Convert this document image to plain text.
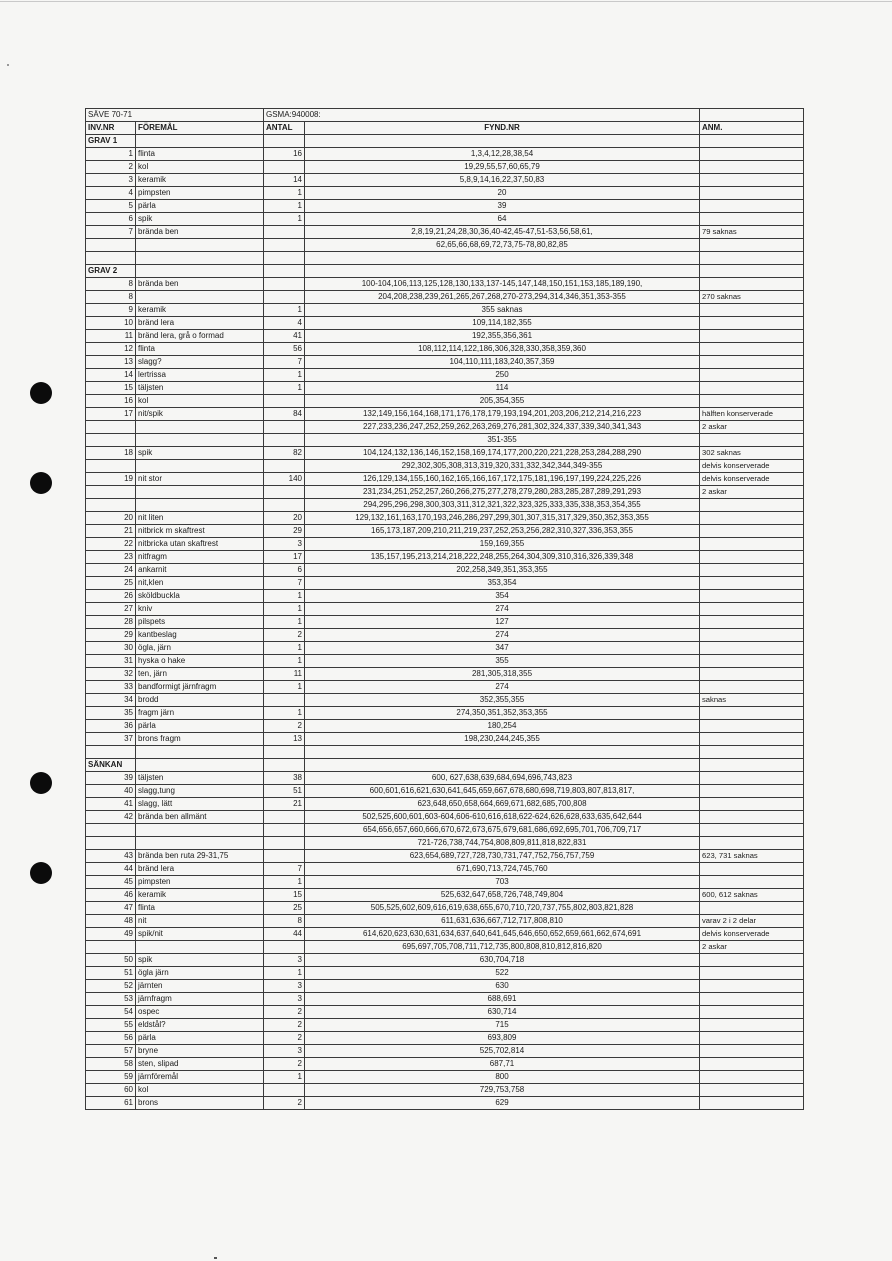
SÄVE 70-71		GSMA:940008:		
INV.NR	FÖREMÅL	ANTAL	FYND.NR	ANM.
GRAV 1				
1	flinta	16	1,3,4,12,28,38,54	
2	kol		19,29,55,57,60,65,79	
3	keramik	14	5,8,9,14,16,22,37,50,83	
4	pimpsten	1	20	
5	pärla	1	39	
6	spik	1	64	
7	brända ben		2,8,19,21,24,28,30,36,40-42,45-47,51-53,56,58,61,	79 saknas
			62,65,66,68,69,72,73,75-78,80,82,85	

GRAV 2				
8	brända ben		100-104,106,113,125,128,130,133,137-145,147,148,150,151,153,185,189,190,	
8			204,208,238,239,261,265,267,268,270-273,294,314,346,351,353-355	270 saknas
9	keramik	1	355 saknas	
10	bränd lera	4	109,114,182,355	
11	bränd lera, grå o formad	41	192,355,356,361	
12	flinta	56	108,112,114,122,186,306,328,330,358,359,360	
13	slagg?	7	104,110,111,183,240,357,359	
14	lertrissa	1	250	
15	täljsten	1	114	
16	kol		205,354,355	
17	nit/spik	84	132,149,156,164,168,171,176,178,179,193,194,201,203,206,212,214,216,223	hälften konserverade
			227,233,236,247,252,259,262,263,269,276,281,302,324,337,339,340,341,343	2 askar
			351-355	
18	spik	82	104,124,132,136,146,152,158,169,174,177,200,220,221,228,253,284,288,290	302 saknas
			292,302,305,308,313,319,320,331,332,342,344,349-355	delvis konserverade
19	nit stor	140	126,129,134,155,160,162,165,166,167,172,175,181,196,197,199,224,225,226	delvis konserverade
			231,234,251,252,257,260,266,275,277,278,279,280,283,285,287,289,291,293	2 askar
			294,295,296,298,300,303,311,312,321,322,323,325,333,335,338,353,354,355	
20	nit liten	20	129,132,161,163,170,193,246,286,297,299,301,307,315,317,329,350,352,353,355	
21	nitbrick m skaftrest	29	165,173,187,209,210,211,219,237,252,253,256,282,310,327,336,353,355	
22	nitbricka utan skaftrest	3	159,169,355	
23	nitfragm	17	135,157,195,213,214,218,222,248,255,264,304,309,310,316,326,339,348	
24	ankarnit	6	202,258,349,351,353,355	
25	nit,klen	7	353,354	
26	sköldbuckla	1	354	
27	kniv	1	274	
28	pilspets	1	127	
29	kantbeslag	2	274	
30	ögla, järn	1	347	
31	hyska o hake	1	355	
32	ten, järn	11	281,305,318,355	
33	bandformigt järnfragm	1	274	
34	brodd		352,355,355	saknas
35	fragm järn	1	274,350,351,352,353,355	
36	pärla	2	180,254	
37	brons fragm	13	198,230,244,245,355	

SÄNKAN				
39	täljsten	38	600, 627,638,639,684,694,696,743,823	
40	slagg,tung	51	600,601,616,621,630,641,645,659,667,678,680,698,719,803,807,813,817,	
41	slagg, lätt	21	623,648,650,658,664,669,671,682,685,700,808	
42	brända ben allmänt		502,525,600,601,603-604,606-610,616,618,622-624,626,628,633,635,642,644	
			654,656,657,660,666,670,672,673,675,679,681,686,692,695,701,706,709,717	
			721-726,738,744,754,808,809,811,818,822,831	
43	brända ben ruta 29-31,75		623,654,689,727,728,730,731,747,752,756,757,759	623, 731 saknas
44	bränd lera	7	671,690,713,724,745,760	
45	pimpsten	1	703	
46	keramik	15	525,632,647,658,726,748,749,804	600, 612 saknas
47	flinta	25	505,525,602,609,616,619,638,655,670,710,720,737,755,802,803,821,828	
48	nit	8	611,631,636,667,712,717,808,810	varav 2 i 2 delar
49	spik/nit	44	614,620,623,630,631,634,637,640,641,645,646,650,652,659,661,662,674,691	delvis konserverade
			695,697,705,708,711,712,735,800,808,810,812,816,820	2 askar
50	spik	3	630,704,718	
51	ögla järn	1	522	
52	järnten	3	630	
53	järnfragm	3	688,691	
54	ospec	2	630,714	
55	eldstål?	2	715	
56	pärla	2	693,809	
57	bryne	3	525,702,814	
58	sten, slipad	2	687,71	
59	järnföremål	1	800	
60	kol		729,753,758	
61	brons	2	629	
